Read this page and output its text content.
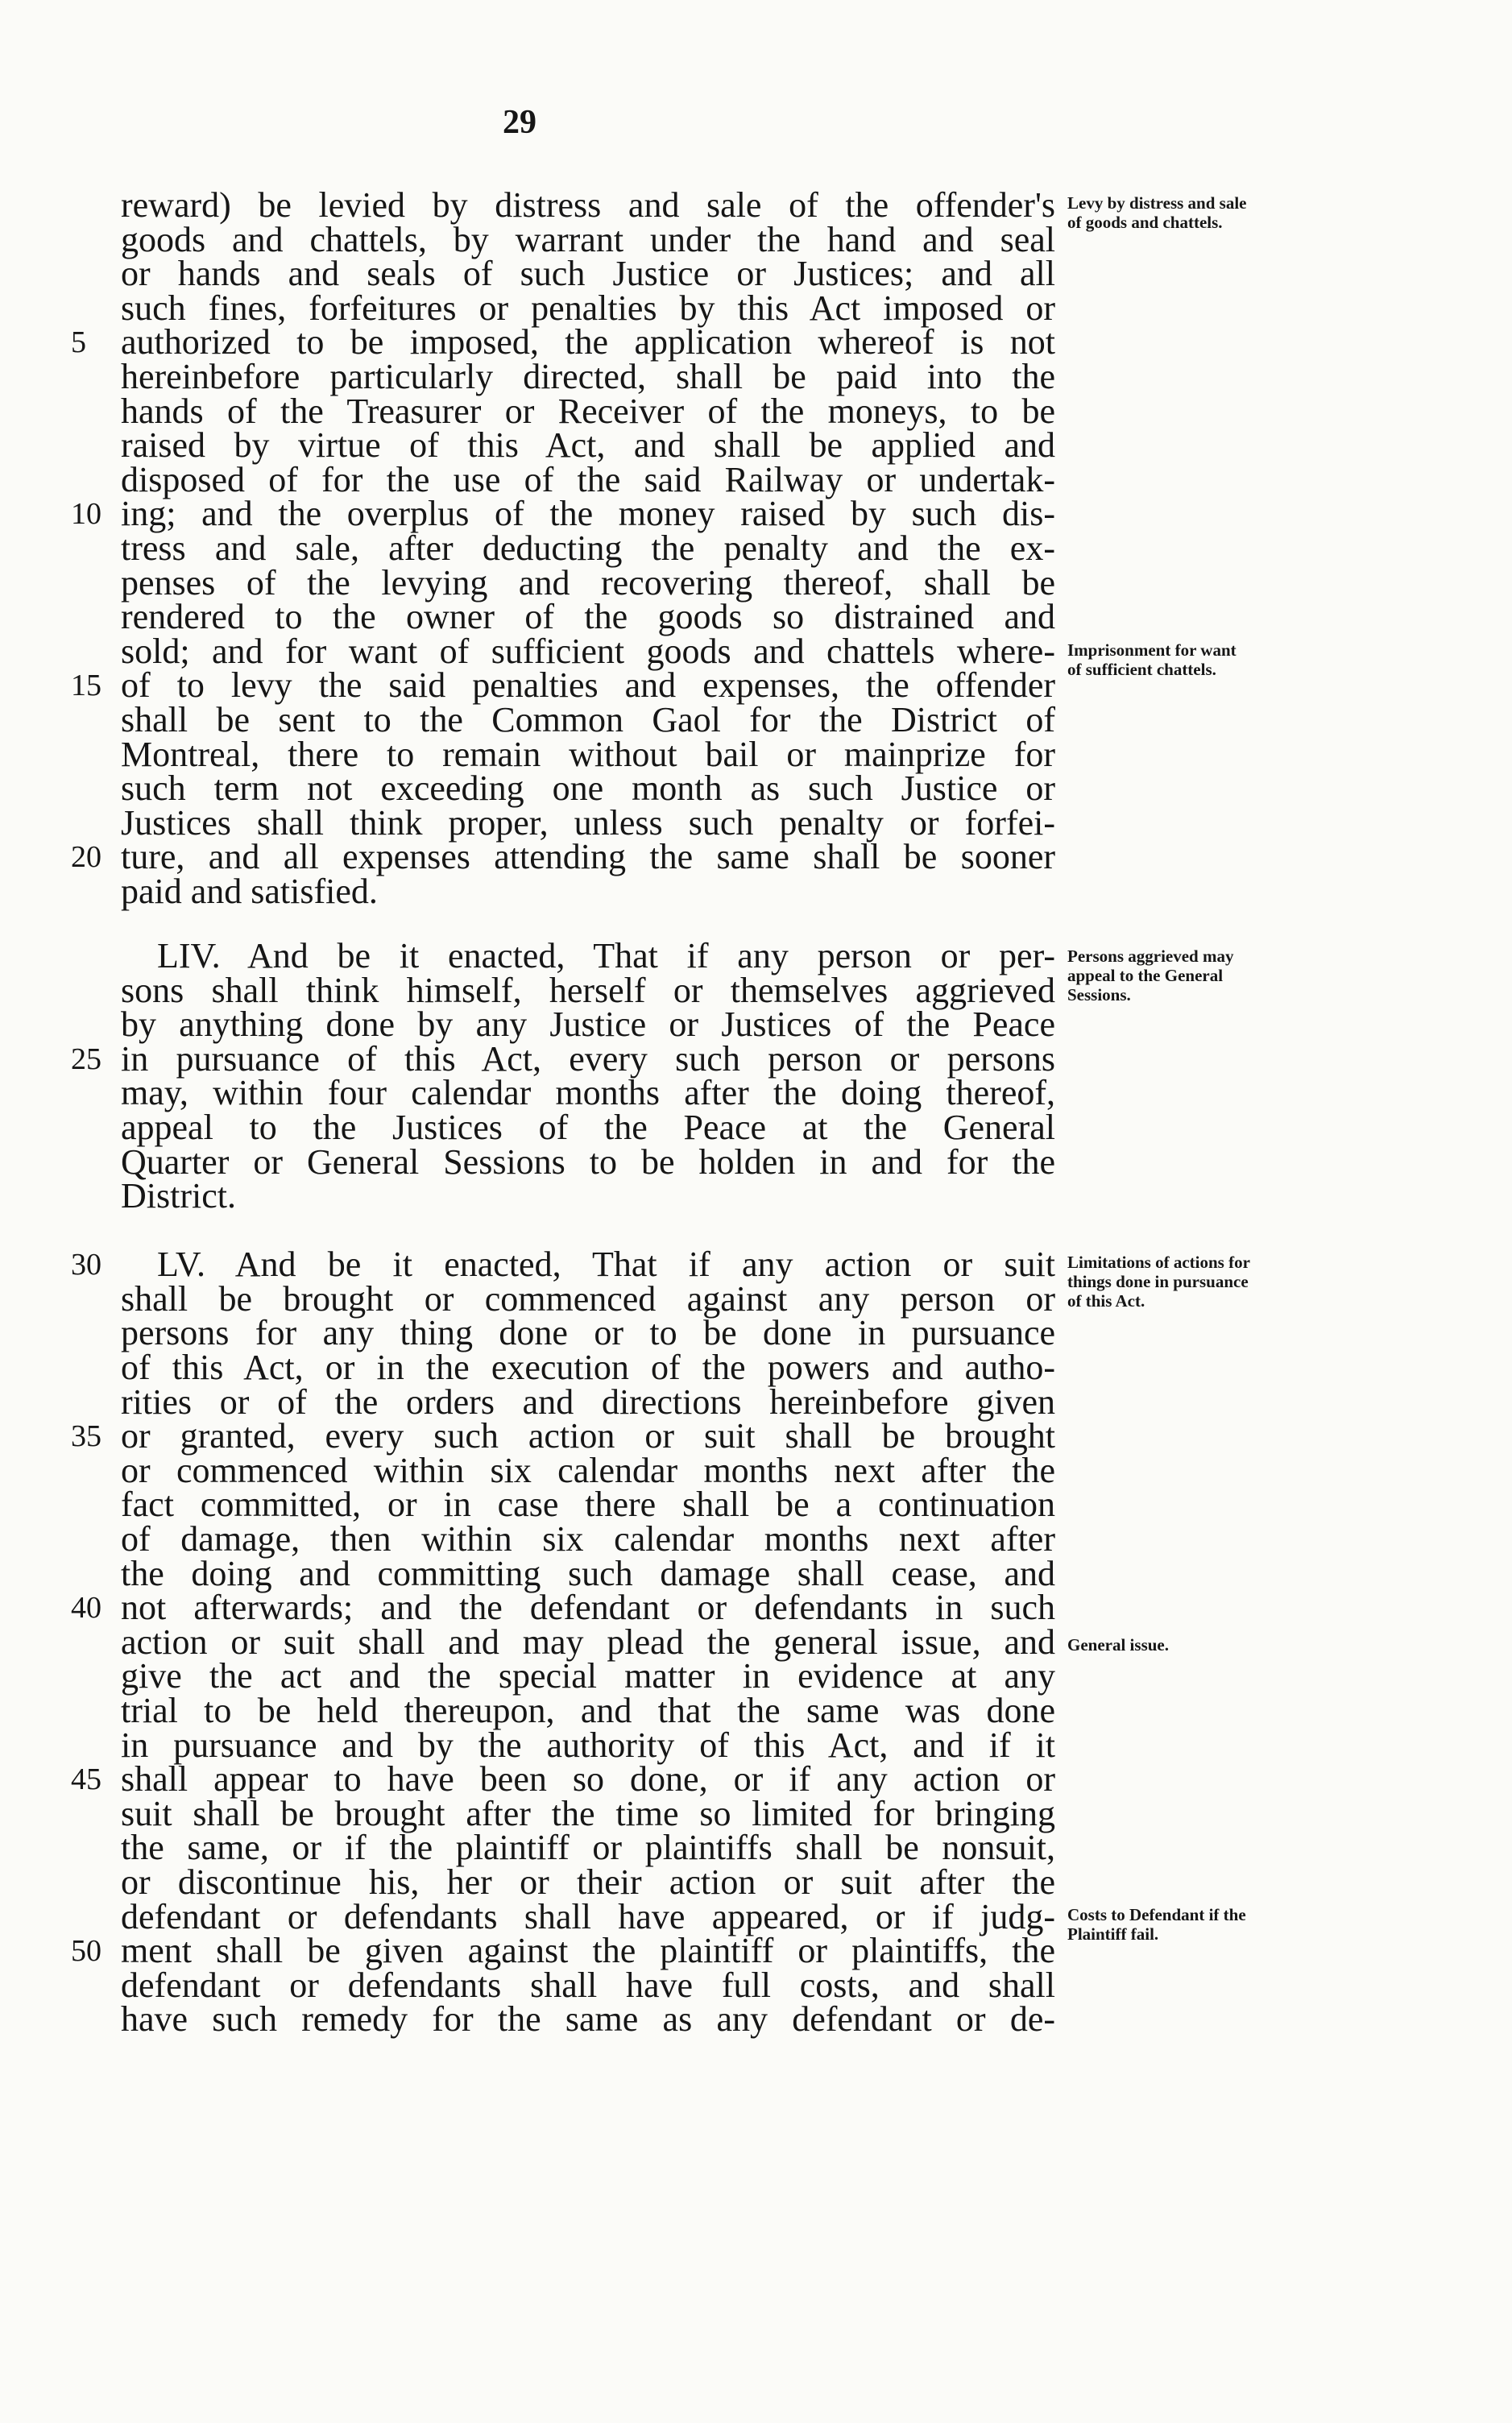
29
reward) be levied by distress and sale of the offender's
goods and chattels, by warrant under the hand and seal
or hands and seals of such Justice or Justices; and all
such fines, forfeitures or penalties by this Act imposed or
authorized to be imposed, the application whereof is not
hereinbefore particularly directed, shall be paid into the
hands of the Treasurer or Receiver of the moneys, to be
raised by virtue of this Act, and shall be applied and
disposed of for the use of the said Railway or undertak-
ing; and the overplus of the money raised by such dis-
tress and sale, after deducting the penalty and the ex-
penses of the levying and recovering thereof, shall be
rendered to the owner of the goods so distrained and
sold; and for want of sufficient goods and chattels where-
of to levy the said penalties and expenses, the offender
shall be sent to the Common Gaol for the District of
Montreal, there to remain without bail or mainprize for
such term not exceeding one month as such Justice or
Justices shall think proper, unless such penalty or forfei-
ture, and all expenses attending the same shall be sooner
paid and satisfied.
LIV. And be it enacted, That if any person or per-
sons shall think himself, herself or themselves aggrieved
by anything done by any Justice or Justices of the Peace
in pursuance of this Act, every such person or persons
may, within four calendar months after the doing thereof,
appeal to the Justices of the Peace at the General
Quarter or General Sessions to be holden in and for the
District.
LV. And be it enacted, That if any action or suit
shall be brought or commenced against any person or
persons for any thing done or to be done in pursuance
of this Act, or in the execution of the powers and autho-
rities or of the orders and directions hereinbefore given
or granted, every such action or suit shall be brought
or commenced within six calendar months next after the
fact committed, or in case there shall be a continuation
of damage, then within six calendar months next after
the doing and committing such damage shall cease, and
not afterwards; and the defendant or defendants in such
action or suit shall and may plead the general issue, and
give the act and the special matter in evidence at any
trial to be held thereupon, and that the same was done
in pursuance and by the authority of this Act, and if it
shall appear to have been so done, or if any action or
suit shall be brought after the time so limited for bringing
the same, or if the plaintiff or plaintiffs shall be nonsuit,
or discontinue his, her or their action or suit after the
defendant or defendants shall have appeared, or if judg-
ment shall be given against the plaintiff or plaintiffs, the
defendant or defendants shall have full costs, and shall
have such remedy for the same as any defendant or de-
5
10
15
20
25
30
35
40
45
50
Levy by distress and sale of goods and chattels.
Imprisonment for want of sufficient chattels.
Persons aggrieved may appeal to the General Sessions.
Limitations of actions for things done in pursuance of this Act.
General issue.
Costs to Defendant if the Plaintiff fail.
